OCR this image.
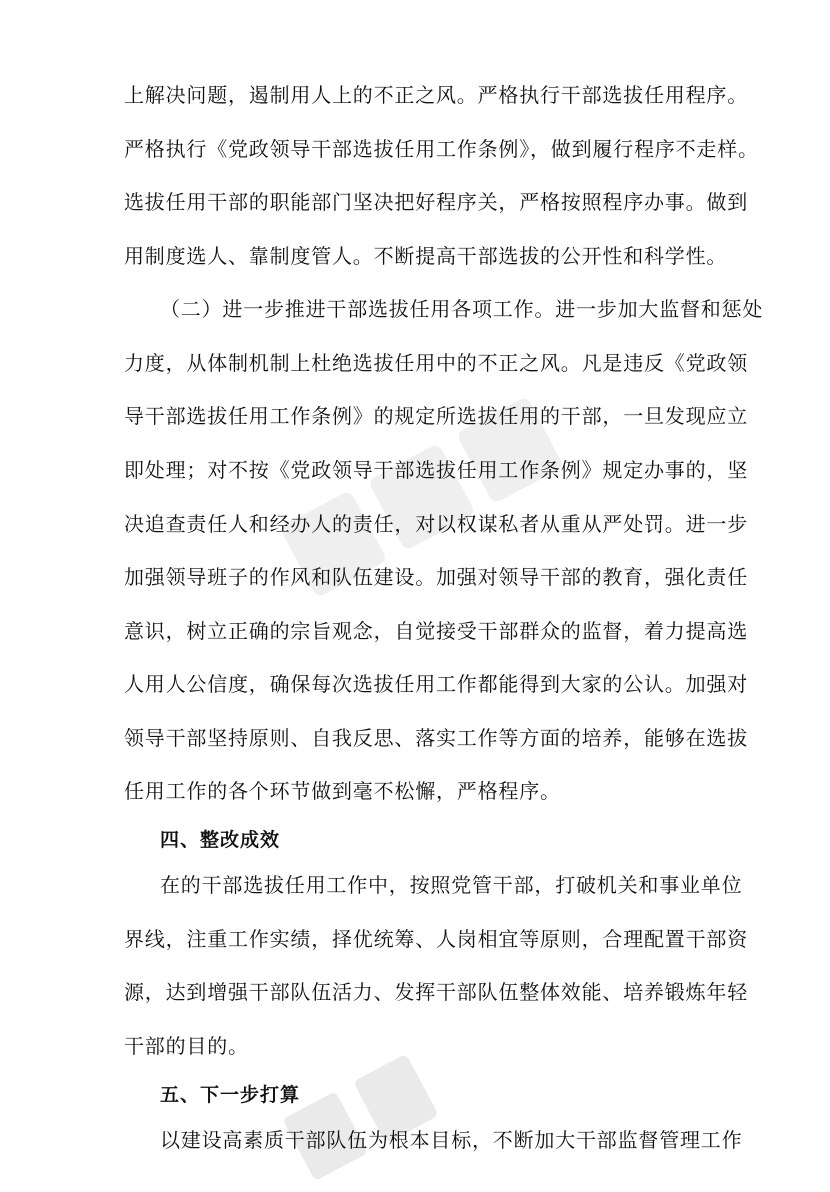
上解决问题，遏制用人上的不正之风。严格执行干部选拔任用程序。
严格执行《党政领导干部选拔任用工作条例》，做到履行程序不走样。
选拔任用干部的职能部门坚决把好程序关，严格按照程序办事。做到
用制度选人、靠制度管人。不断提高干部选拔的公开性和科学性。
（二）进一步推进干部选拔任用各项工作。进一步加大监督和惩处
力度，从体制机制上杜绝选拔任用中的不正之风。凡是违反《党政领
导干部选拔任用工作条例》的规定所选拔任用的干部，一旦发现应立
即处理；对不按《党政领导干部选拔任用工作条例》规定办事的，坚
决追查责任人和经办人的责任，对以权谋私者从重从严处罚。进一步
加强领导班子的作风和队伍建设。加强对领导干部的教育，强化责任
意识，树立正确的宗旨观念，自觉接受干部群众的监督，着力提高选
人用人公信度，确保每次选拔任用工作都能得到大家的公认。加强对
领导干部坚持原则、自我反思、落实工作等方面的培养，能够在选拔
任用工作的各个环节做到毫不松懈，严格程序。
四、整改成效
在的干部选拔任用工作中，按照党管干部，打破机关和事业单位
界线，注重工作实绩，择优统筹、人岗相宜等原则，合理配置干部资
源，达到增强干部队伍活力、发挥干部队伍整体效能、培养锻炼年轻
干部的目的。
五、下一步打算
以建设高素质干部队伍为根本目标，不断加大干部监督管理工作
